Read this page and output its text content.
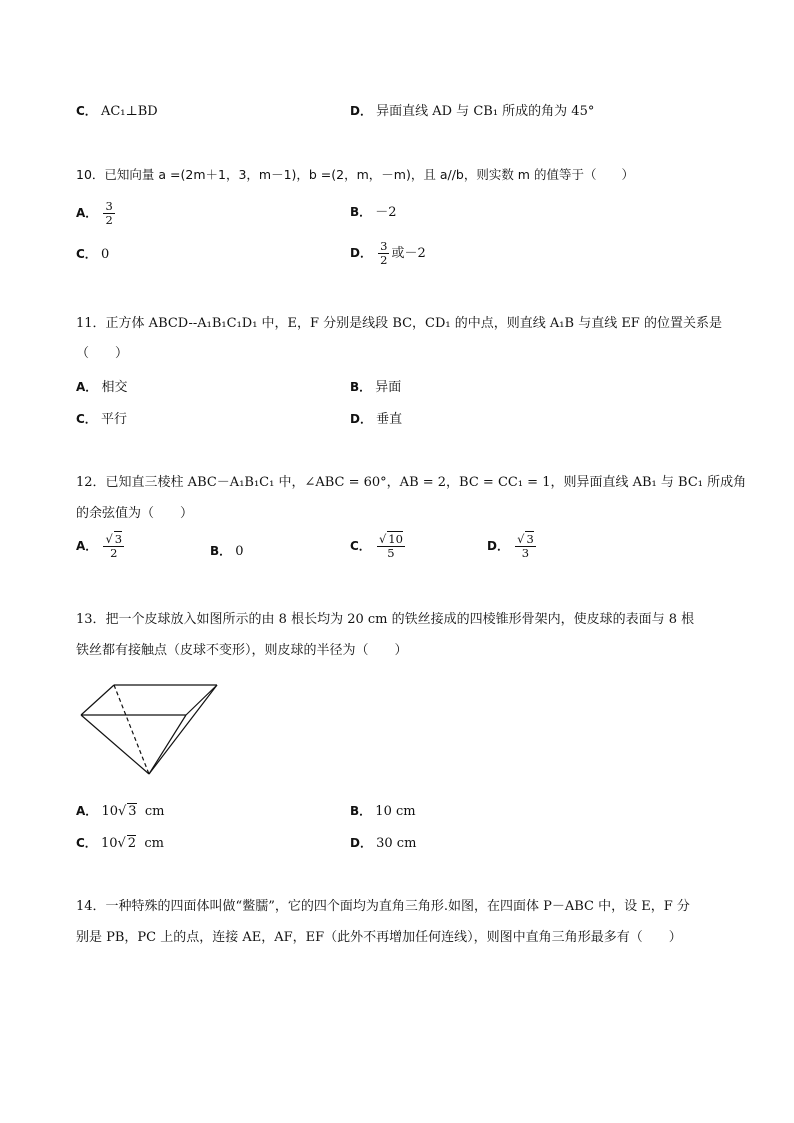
C． AC₁⊥BD	D． 异面直线 AD 与 CB₁ 所成的角为 45°
10．已知向量 a =(2m＋1，3，m－1)，b =(2，m，－m)，且 a//b，则实数 m 的值等于（　　）
A． $\frac{3}{2}$	B． －2
C． 0	D． $\frac{3}{2}$ 或－2
11．正方体 ABCD--A₁B₁C₁D₁ 中，E，F 分别是线段 BC，CD₁ 的中点，则直线 A₁B 与直线 EF 的位置关系是
（　　）
A． 相交	B． 异面
C． 平行	D． 垂直
12．已知直三棱柱 ABC－A₁B₁C₁ 中，∠ABC = 60°，AB = 2，BC = CC₁ = 1，则异面直线 AB₁ 与 BC₁ 所成角
的余弦值为（　　）
A． $\frac{√ 3}{2}$	B． 0	C． $\frac{√ 10}{5}$	D． $\frac{√ 3}{3}$
13．把一个皮球放入如图所示的由 8 根长均为 20 cm 的铁丝接成的四棱锥形骨架内，使皮球的表面与 8 根
铁丝都有接触点（皮球不变形），则皮球的半径为（　　）
A． 10√ 3 cm	B． 10 cm
C． 10√ 2 cm	D． 30 cm
14．一种特殊的四面体叫做“鳖臑”，它的四个面均为直角三角形.如图，在四面体 P－ABC 中，设 E，F 分
别是 PB，PC 上的点，连接 AE，AF，EF（此外不再增加任何连线），则图中直角三角形最多有（　　）
